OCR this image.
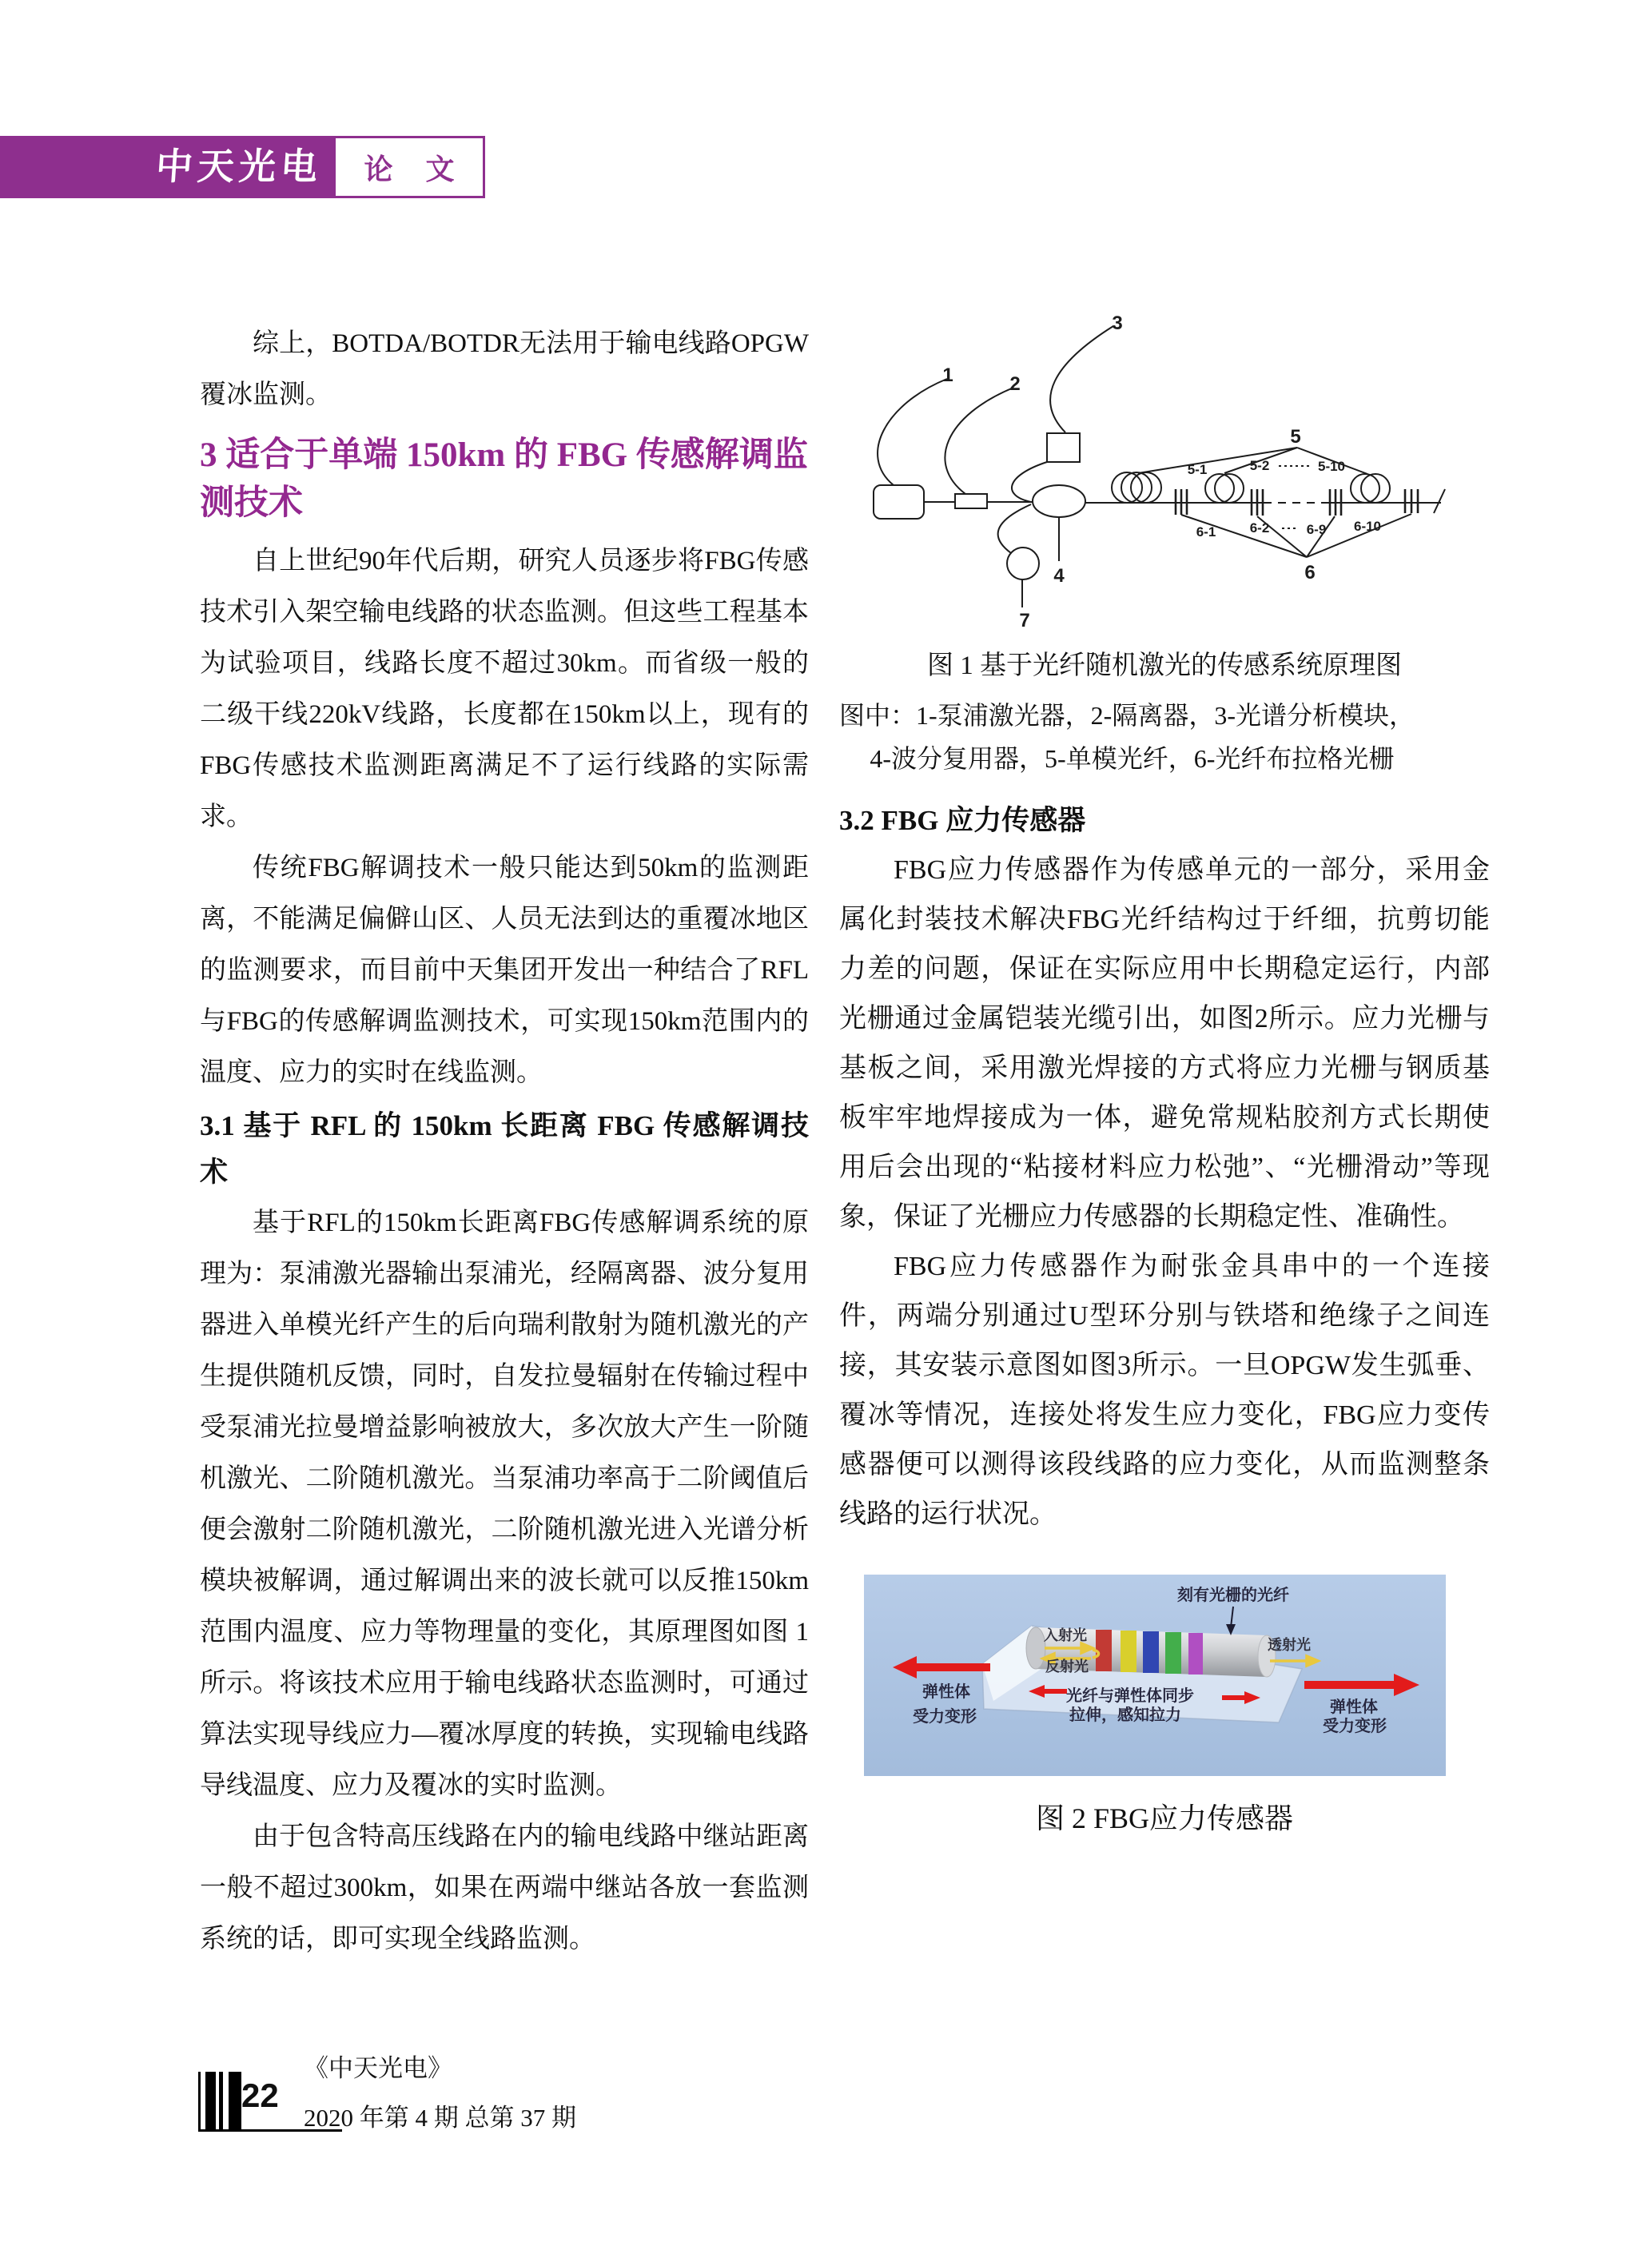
中天光电	论 文

综上，BOTDA/BOTDR无法用于输电线路OPGW覆冰监测。

3 适合于单端 150km 的 FBG 传感解调监测技术

自上世纪90年代后期，研究人员逐步将FBG传感技术引入架空输电线路的状态监测。但这些工程基本为试验项目，线路长度不超过30km。而省级一般的二级干线220kV线路，长度都在150km以上，现有的FBG传感技术监测距离满足不了运行线路的实际需求。

传统FBG解调技术一般只能达到50km的监测距离，不能满足偏僻山区、人员无法到达的重覆冰地区的监测要求，而目前中天集团开发出一种结合了RFL与FBG的传感解调监测技术，可实现150km范围内的温度、应力的实时在线监测。

3.1 基于 RFL 的 150km 长距离 FBG 传感解调技术

基于RFL的150km长距离FBG传感解调系统的原理为：泵浦激光器输出泵浦光，经隔离器、波分复用器进入单模光纤产生的后向瑞利散射为随机激光的产生提供随机反馈，同时，自发拉曼辐射在传输过程中受泵浦光拉曼增益影响被放大，多次放大产生一阶随机激光、二阶随机激光。当泵浦功率高于二阶阈值后便会激射二阶随机激光，二阶随机激光进入光谱分析模块被解调，通过解调出来的波长就可以反推150km范围内温度、应力等物理量的变化，其原理图如图 1所示。将该技术应用于输电线路状态监测时，可通过算法实现导线应力—覆冰厚度的转换，实现输电线路导线温度、应力及覆冰的实时监测。

由于包含特高压线路在内的输电线路中继站距离一般不超过300km，如果在两端中继站各放一套监测系统的话，即可实现全线路监测。

1	2
3
4
5
6
7
5-1	5-2	5-10
6-1 6-2	6-9 6-10
图 1 基于光纤随机激光的传感系统原理图
图中：1-泵浦激光器，2-隔离器，3-光谱分析模块，
4-波分复用器，5-单模光纤，6-光纤布拉格光栅
3.2 FBG 应力传感器

FBG应力传感器作为传感单元的一部分，采用金属化封装技术解决FBG光纤结构过于纤细，抗剪切能力差的问题，保证在实际应用中长期稳定运行，内部光栅通过金属铠装光缆引出，如图2所示。应力光栅与基板之间，采用激光焊接的方式将应力光栅与钢质基板牢牢地焊接成为一体，避免常规粘胶剂方式长期使用后会出现的“粘接材料应力松弛”、“光栅滑动”等现象，保证了光栅应力传感器的长期稳定性、准确性。

FBG应力传感器作为耐张金具串中的一个连接件，两端分别通过U型环分别与铁塔和绝缘子之间连接，其安装示意图如图3所示。一旦OPGW发生弧垂、覆冰等情况，连接处将发生应力变化，FBG应力变传感器便可以测得该段线路的应力变化，从而监测整条线路的运行状况。

刻有光栅的光纤
入射光
反射光
透射光
弹性体
受力变形
弹性体
受力变形
光纤与弹性体同步
拉伸，感知拉力
图 2 FBG应力传感器
22
《中天光电》
2020 年第 4 期 总第 37 期
